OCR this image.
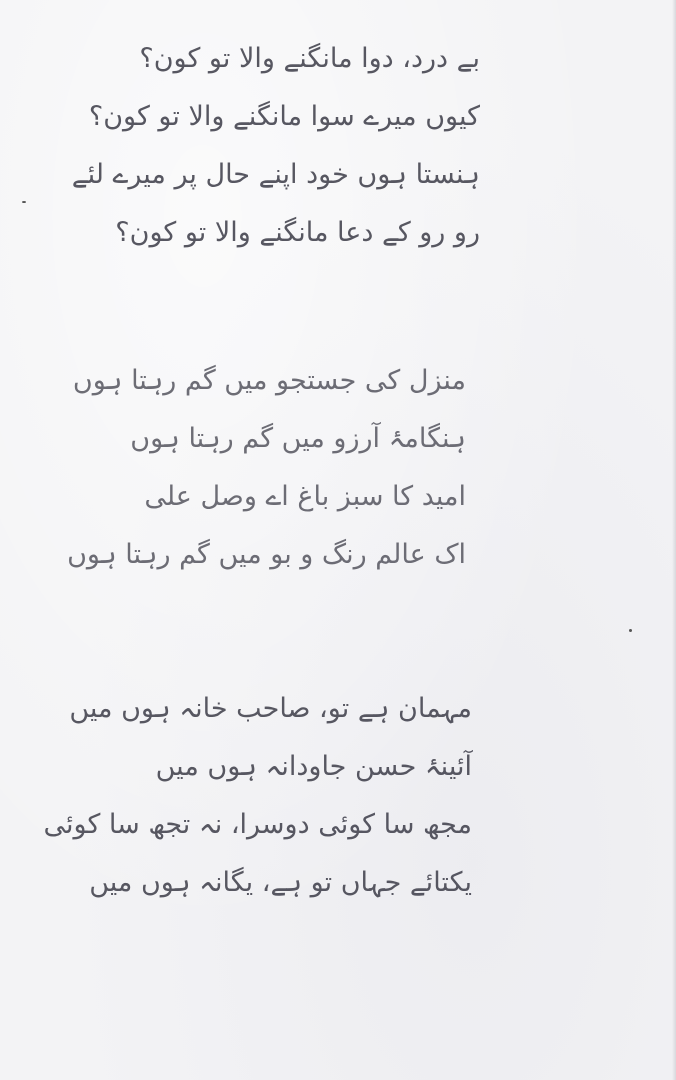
بے درد، دوا مانگنے والا تو کون؟
کیوں میرے سوا مانگنے والا تو کون؟
ہنستا ہوں خود اپنے حال پر میرے لئے
رو رو کے دعا مانگنے والا تو کون؟
منزل کی جستجو میں گم رہتا ہوں
ہنگامۂ آرزو میں گم رہتا ہوں
امید کا سبز باغ اے وصل علی
اک عالم رنگ و بو میں گم رہتا ہوں
مہمان ہے تو، صاحب خانہ ہوں میں
آئینۂ حسن جاودانہ ہوں میں
مجھ سا کوئی دوسرا، نہ تجھ سا کوئی
یکتائے جہاں تو ہے، یگانہ ہوں میں
